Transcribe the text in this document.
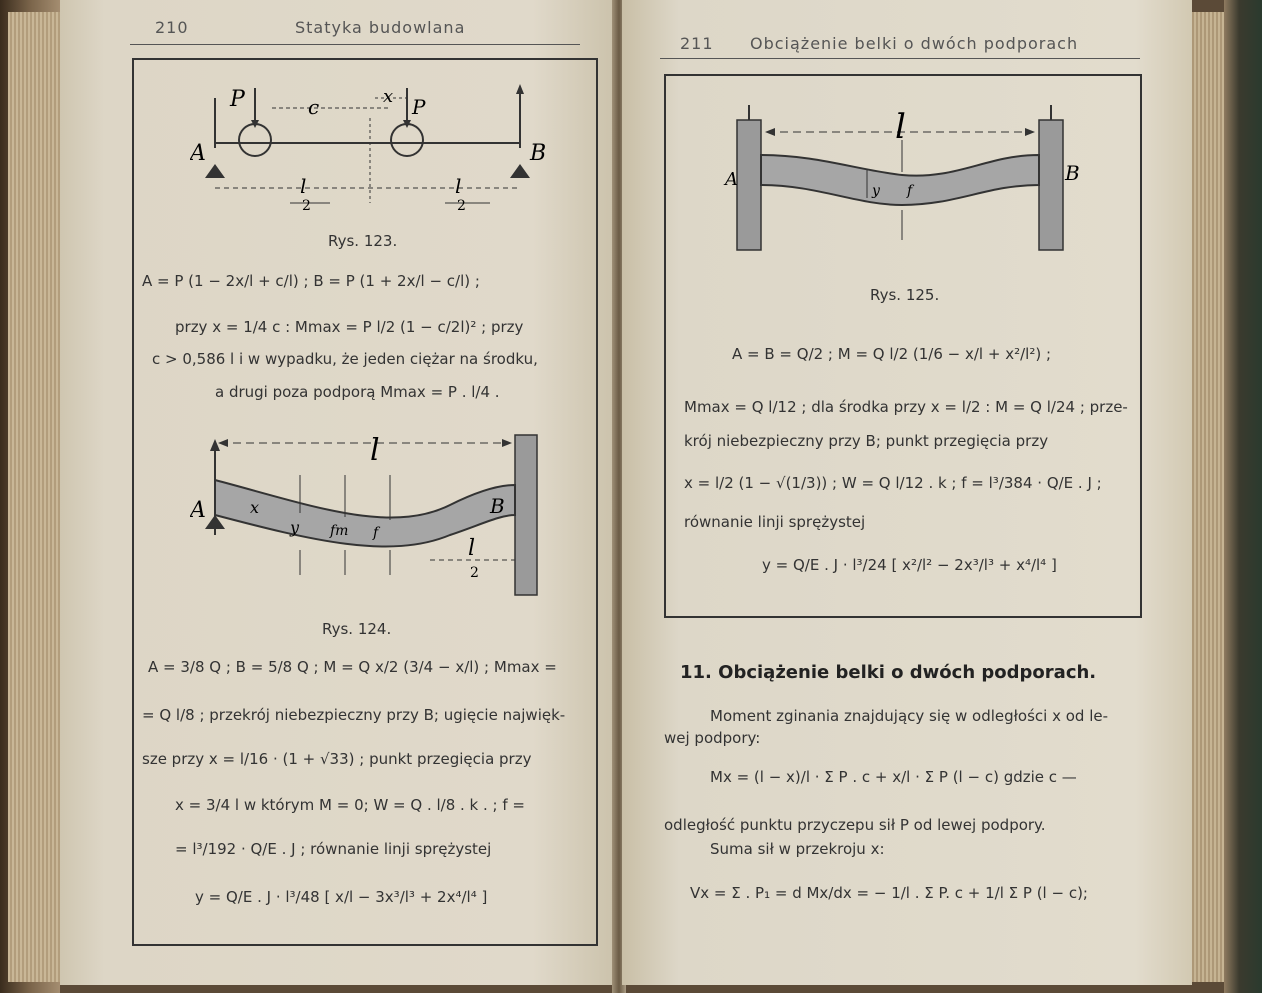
210	Statyka budowlana
P	P
c	x
A	B
l
2
l
2
Rys. 123.
A = P (1 − 2x/l + c/l) ; B = P (1 + 2x/l − c/l) ;
przy x = 1/4 c : Mmax = P l/2 (1 − c/2l)² ; przy
c > 0,586 l i w wypadku, że jeden ciężar na środku,
a drugi poza podporą Mmax = P . l/4 .
l
A	B
x
y fm f
l
2
Rys. 124.
A = 3/8 Q ; B = 5/8 Q ; M = Q x/2 (3/4 − x/l) ; Mmax =
= Q l/8 ; przekrój niebezpieczny przy B; ugięcie najwięk-
sze przy x = l/16 · (1 + √33) ; punkt przegięcia przy
x = 3/4 l w którym M = 0; W = Q . l/8 . k . ; f =
= l³/192 · Q/E . J ; równanie linji sprężystej
y = Q/E . J · l³/48 [ x/l − 3x³/l³ + 2x⁴/l⁴ ]
211 Obciążenie belki o dwóch podporach
l
A	B
y f
Rys. 125.
A = B = Q/2 ; M = Q l/2 (1/6 − x/l + x²/l²) ;
Mmax = Q l/12 ; dla środka przy x = l/2 : M = Q l/24 ; prze-
krój niebezpieczny przy B; punkt przegięcia przy
x = l/2 (1 − √(1/3)) ; W = Q l/12 . k ; f = l³/384 · Q/E . J ;
równanie linji sprężystej
y = Q/E . J · l³/24 [ x²/l² − 2x³/l³ + x⁴/l⁴ ]
11. Obciążenie belki o dwóch podporach.
Moment zginania znajdujący się w odległości x od le-
wej podpory:
Mx = (l − x)/l · Σ P . c + x/l · Σ P (l − c) gdzie c —
odległość punktu przyczepu sił P od lewej podpory.
Suma sił w przekroju x:
Vx = Σ . P₁ = d Mx/dx = − 1/l . Σ P. c + 1/l Σ P (l − c);
